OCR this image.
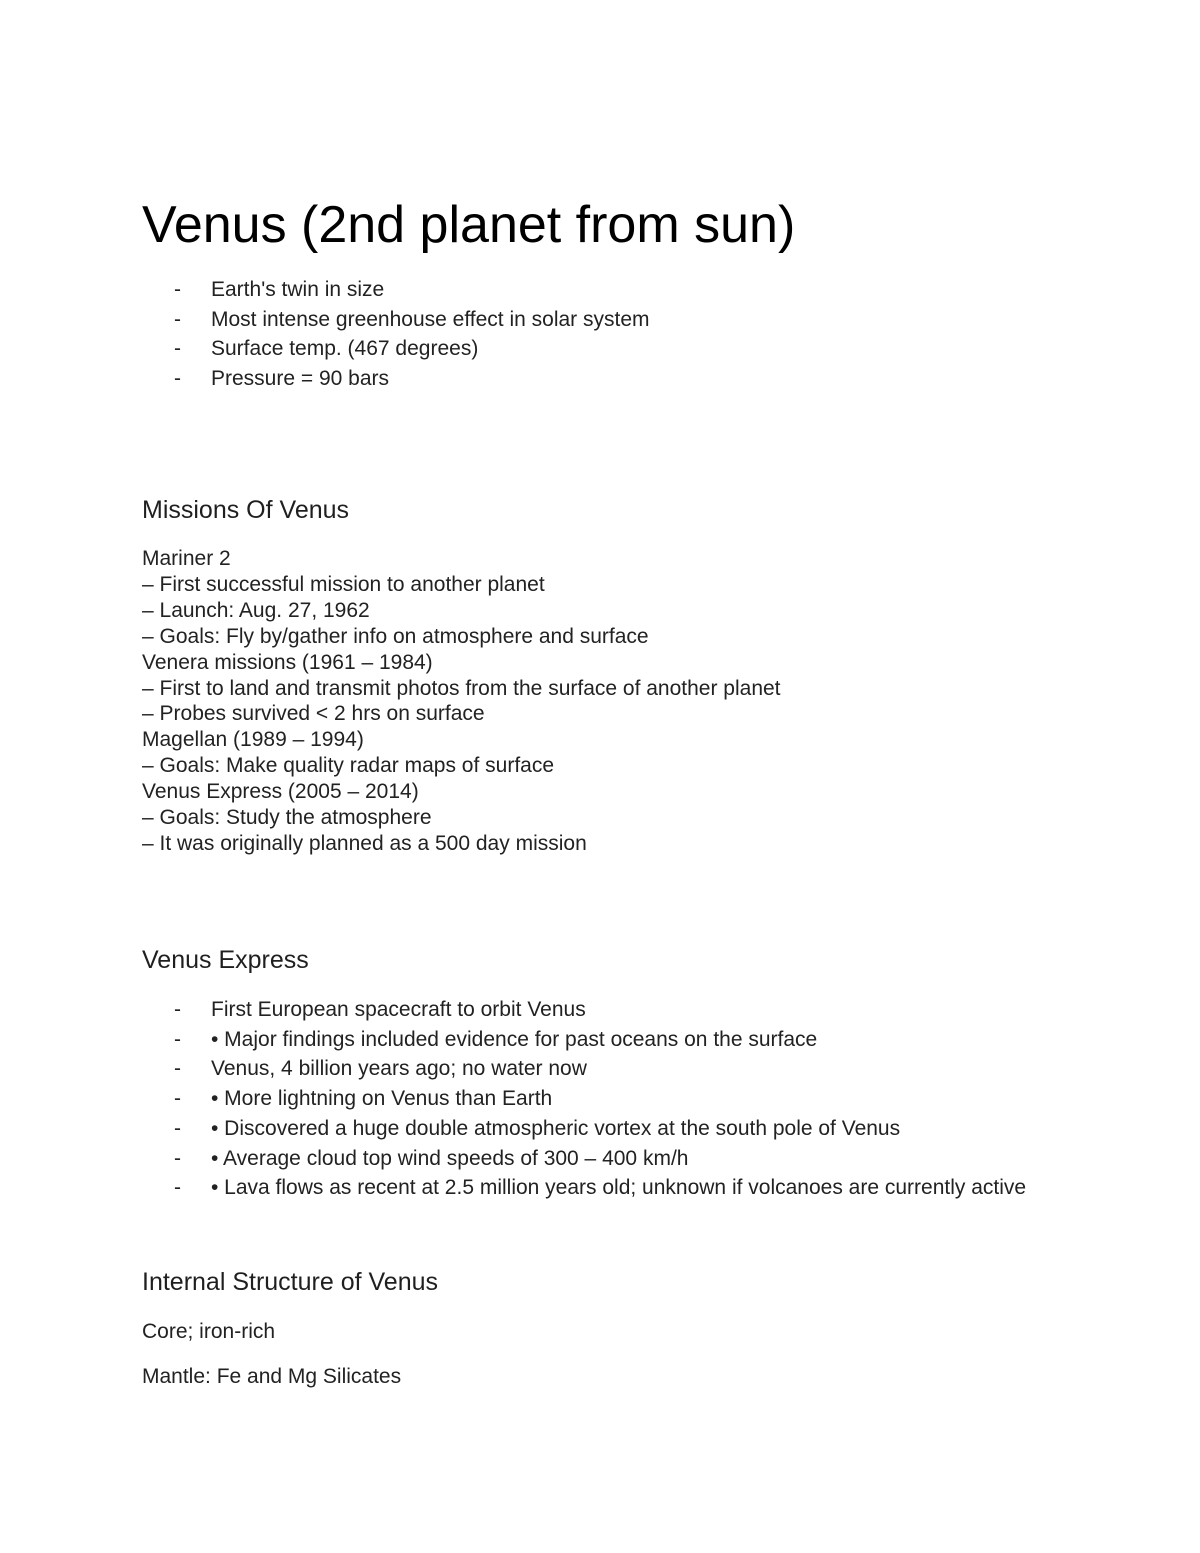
Venus (2nd planet from sun)
- Earth's twin in size
- Most intense greenhouse effect in solar system
- Surface temp. (467 degrees)
- Pressure = 90 bars
Missions Of Venus
Mariner 2
– First successful mission to another planet
– Launch: Aug. 27, 1962
– Goals: Fly by/gather info on atmosphere and surface
Venera missions (1961 – 1984)
– First to land and transmit photos from the surface of another planet
– Probes survived < 2 hrs on surface
Magellan (1989 – 1994)
– Goals: Make quality radar maps of surface
Venus Express (2005 – 2014)
– Goals: Study the atmosphere
– It was originally planned as a 500 day mission
Venus Express
- First European spacecraft to orbit Venus
- • Major findings included evidence for past oceans on the surface
- Venus, 4 billion years ago; no water now
- • More lightning on Venus than Earth
- • Discovered a huge double atmospheric vortex at the south pole of Venus
- • Average cloud top wind speeds of 300 – 400 km/h
- • Lava flows as recent at 2.5 million years old; unknown if volcanoes are currently active
Internal Structure of Venus

Core; iron-rich

Mantle: Fe and Mg Silicates
